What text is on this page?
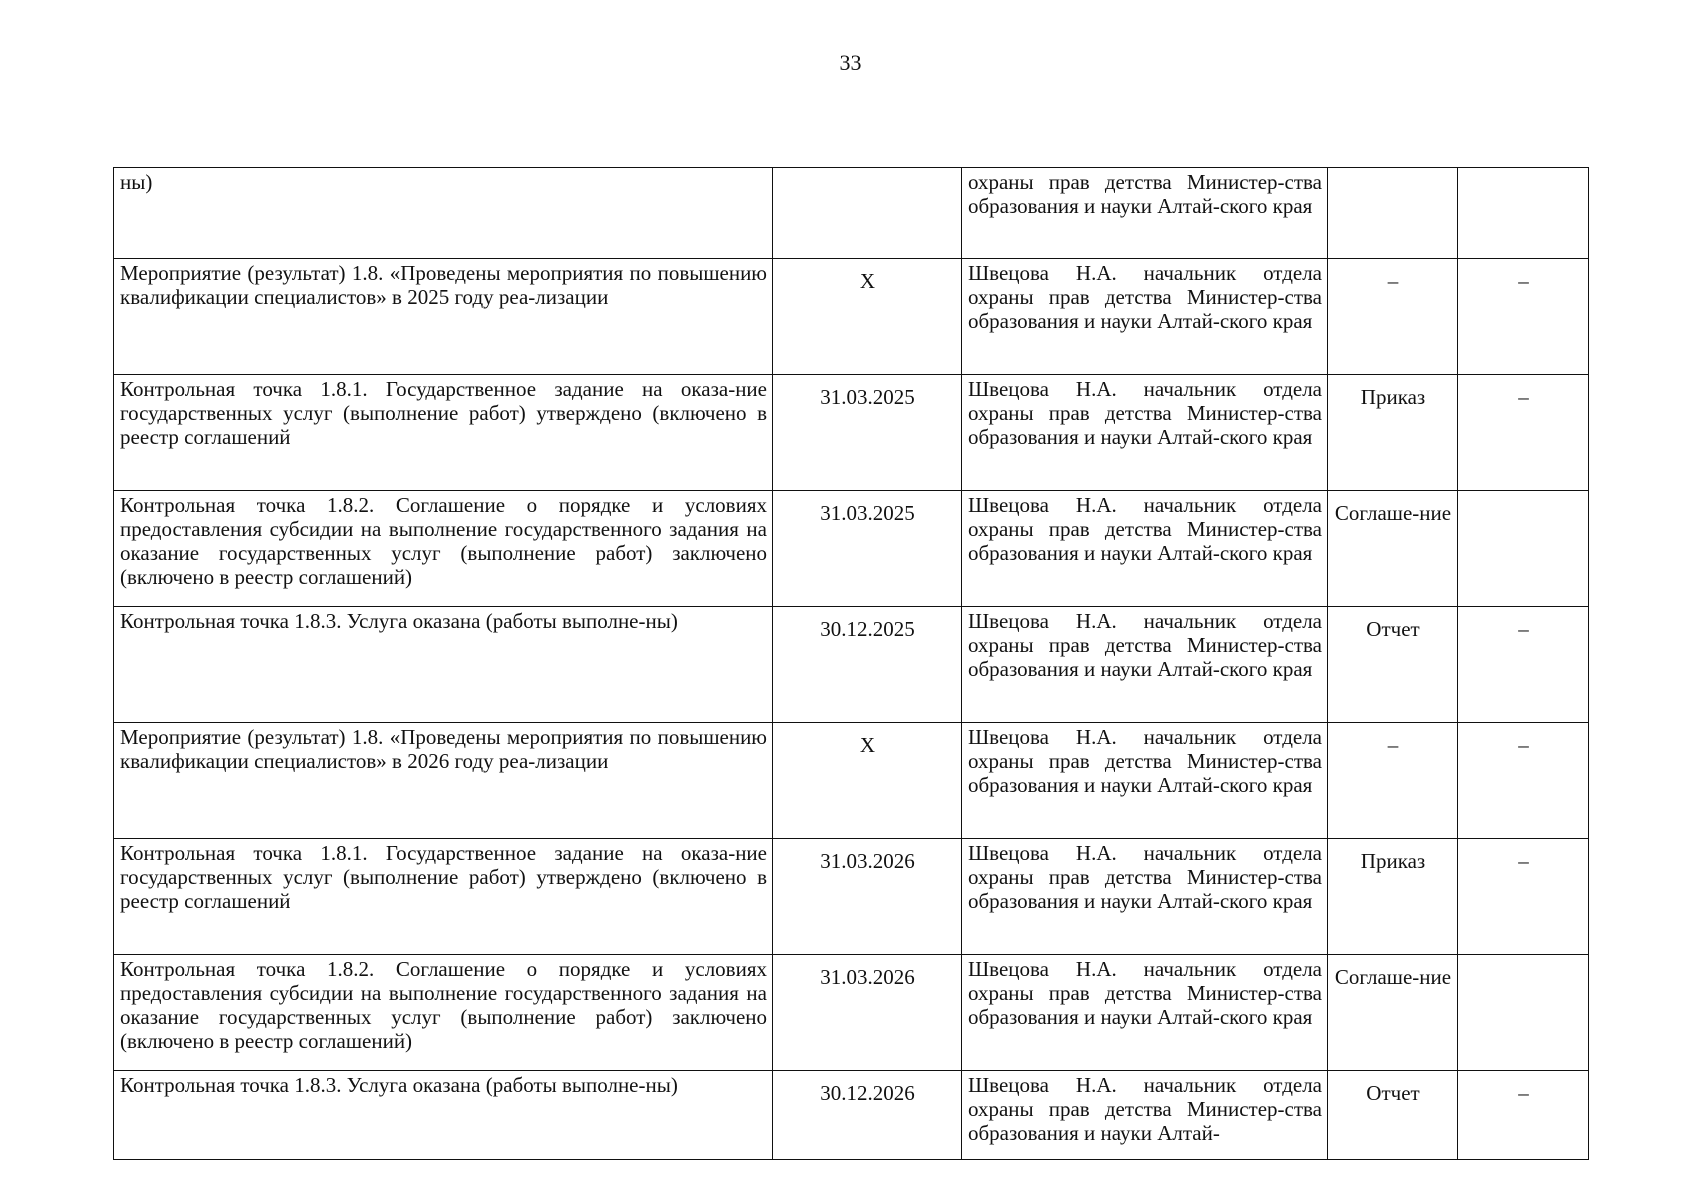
33
ны)		охраны прав детства Министер-ства образования и науки Алтай-ского края		

Мероприятие (результат) 1.8. «Проведены мероприятия по повышению квалификации специалистов» в 2025 году реа-лизации	Х	Швецова Н.А. начальник отдела охраны прав детства Министер-ства образования и науки Алтай-ского края	–	–

Контрольная точка 1.8.1. Государственное задание на оказа-ние государственных услуг (выполнение работ) утверждено (включено в реестр соглашений	31.03.2025	Швецова Н.А. начальник отдела охраны прав детства Министер-ства образования и науки Алтай-ского края	Приказ	–

Контрольная точка 1.8.2. Соглашение о порядке и условиях предоставления субсидии на выполнение государственного задания на оказание государственных услуг (выполнение работ) заключено (включено в реестр соглашений)	31.03.2025	Швецова Н.А. начальник отдела охраны прав детства Министер-ства образования и науки Алтай-ского края	Соглаше-ние	

Контрольная точка 1.8.3. Услуга оказана (работы выполне-ны)	30.12.2025	Швецова Н.А. начальник отдела охраны прав детства Министер-ства образования и науки Алтай-ского края	Отчет	–

Мероприятие (результат) 1.8. «Проведены мероприятия по повышению квалификации специалистов» в 2026 году реа-лизации	Х	Швецова Н.А. начальник отдела охраны прав детства Министер-ства образования и науки Алтай-ского края	–	–

Контрольная точка 1.8.1. Государственное задание на оказа-ние государственных услуг (выполнение работ) утверждено (включено в реестр соглашений	31.03.2026	Швецова Н.А. начальник отдела охраны прав детства Министер-ства образования и науки Алтай-ского края	Приказ	–

Контрольная точка 1.8.2. Соглашение о порядке и условиях предоставления субсидии на выполнение государственного задания на оказание государственных услуг (выполнение работ) заключено (включено в реестр соглашений)	31.03.2026	Швецова Н.А. начальник отдела охраны прав детства Министер-ства образования и науки Алтай-ского края	Соглаше-ние	

Контрольная точка 1.8.3. Услуга оказана (работы выполне-ны)	30.12.2026	Швецова Н.А. начальник отдела охраны прав детства Министер-ства образования и науки Алтай-	Отчет	–
